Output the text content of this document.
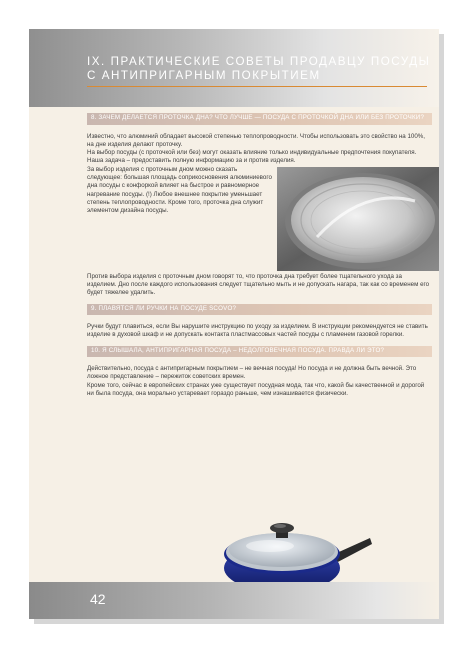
IX. ПРАКТИЧЕСКИЕ СОВЕТЫ ПРОДАВЦУ ПОСУДЫ С АНТИПРИГАРНЫМ ПОКРЫТИЕМ
8. ЗАЧЕМ ДЕЛАЕТСЯ ПРОТОЧКА ДНА? ЧТО ЛУЧШЕ — ПОСУДА С ПРОТОЧКОЙ ДНА ИЛИ БЕЗ ПРОТОЧКИ?

Известно, что алюминий обладает высокой степенью теплопроводности. Чтобы использовать это свойство на 100%, на дне изделия делают проточку.

На выбор посуды (с проточкой или без) могут оказать влияние только индивидуальные предпочтения покупателя. Наша задача – предоставить полную информацию за и против изделия.

За выбор изделия с проточным дном можно сказать следующее: большая площадь соприкосновения алюминиевого дна посуды с конфоркой влияет на быстрое и равномерное нагревание посуды. (!) Любое внешнее покрытие уменьшает степень теплопроводности. Кроме того, проточка дна служит элементом дизайна посуды.

Против выбора изделия с проточным дном говорят то, что проточка дна требует более тщательного ухода за изделием. Дно после каждого использования следует тщательно мыть и не допускать нагара, так как со временем его будет тяжелее удалить.

9. ПЛАВЯТСЯ ЛИ РУЧКИ НА ПОСУДЕ SCOVO?

Ручки будут плавиться, если Вы нарушите инструкцию по уходу за изделием. В инструкции рекомендуется не ставить изделие в духовой шкаф и не допускать контакта пластмассовых частей посуды с пламенем газовой горелки.

10. Я СЛЫШАЛА, АНТИПРИГАРНАЯ ПОСУДА – НЕДОЛГОВЕЧНАЯ ПОСУДА. ПРАВДА ЛИ ЭТО?

Действительно, посуда с антипригарным покрытием – не вечная посуда! Но посуда и не должна быть вечной. Это ложное представление – пережиток советских времен.

Кроме того, сейчас в европейских странах уже существует посудная мода, так что, какой бы качественной и дорогой ни была посуда, она морально устаревает гораздо раньше, чем изнашивается физически.

42
